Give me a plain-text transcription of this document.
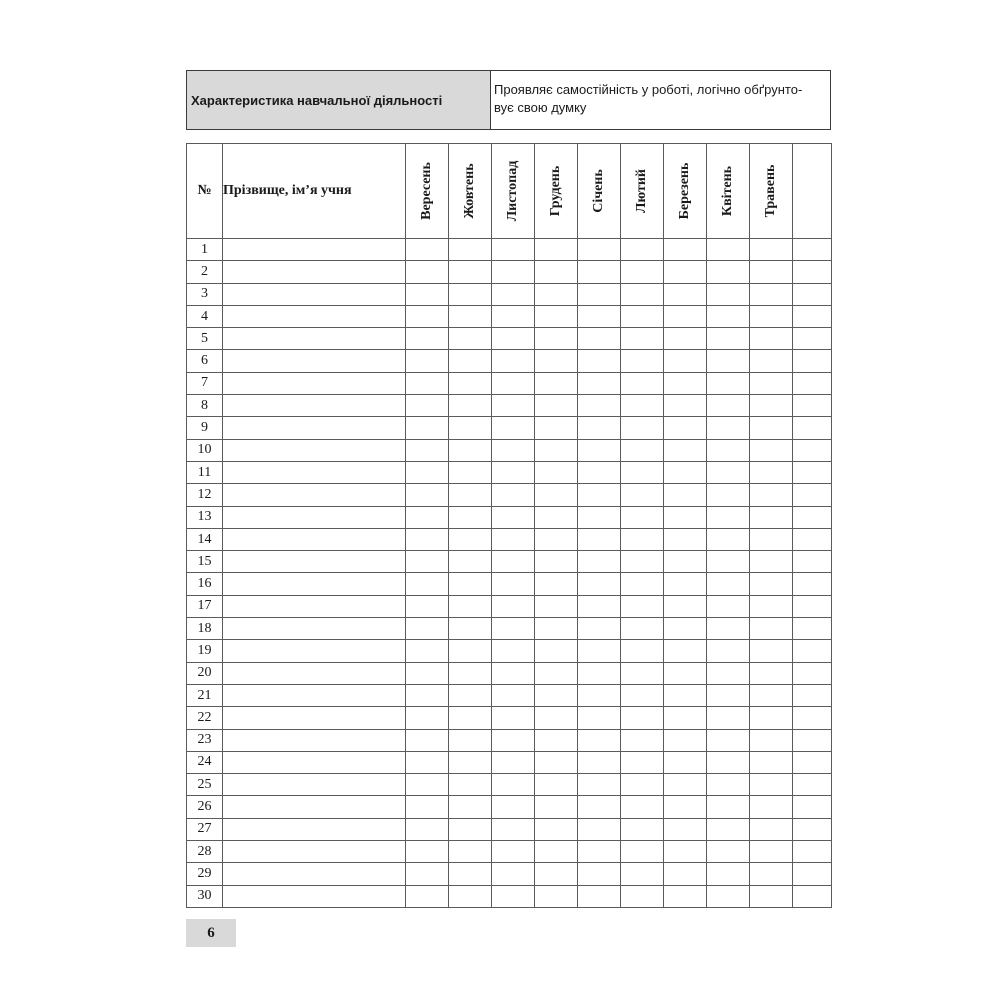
Характеристика навчальної діяльності
Проявляє самостійність у роботі, логічно обґрунто-
вує свою думку
№	Прізвище, ім’я учня	Вересень	Жовтень	Листопад	Грудень	Січень	Лютий	Березень	Квітень	Травень	

1											
2											
3											
4											
5											
6											
7											
8											
9											
10											
11											
12											
13											
14											
15											
16											
17											
18											
19											
20											
21											
22											
23											
24											
25											
26											
27											
28											
29											
30											
6
